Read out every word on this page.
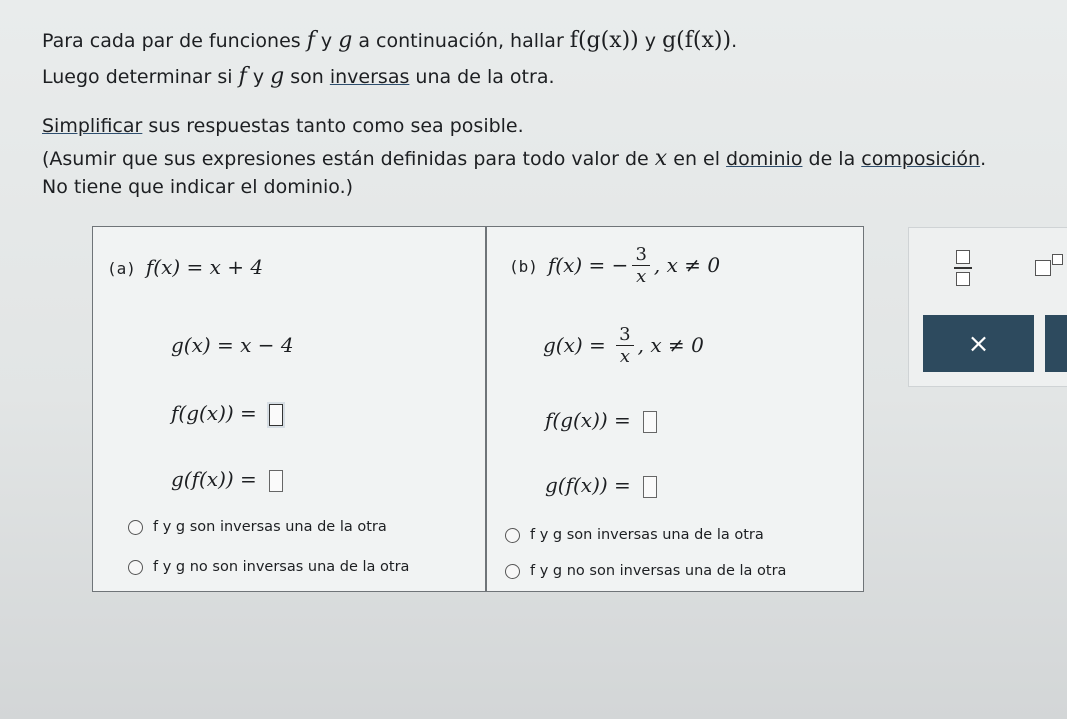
Para cada par de funciones f y g a continuación, hallar f(g(x)) y g(f(x)).
Luego determinar si f y g son inversas una de la otra.
Simplificar sus respuestas tanto como sea posible.
(Asumir que sus expresiones están definidas para todo valor de x en el dominio de la composición.
No tiene que indicar el dominio.)
(a) f(x) = x + 4
g(x) = x − 4
f(g(x)) =
g(f(x)) =
f y g son inversas una de la otra
f y g no son inversas una de la otra
(b) f(x) = − $\frac{3}{x}$ , x ≠ 0
$g(x) = \frac{3}{x}$ , x ≠ 0
f(g(x)) =
g(f(x)) =
f y g son inversas una de la otra
f y g no son inversas una de la otra
×
